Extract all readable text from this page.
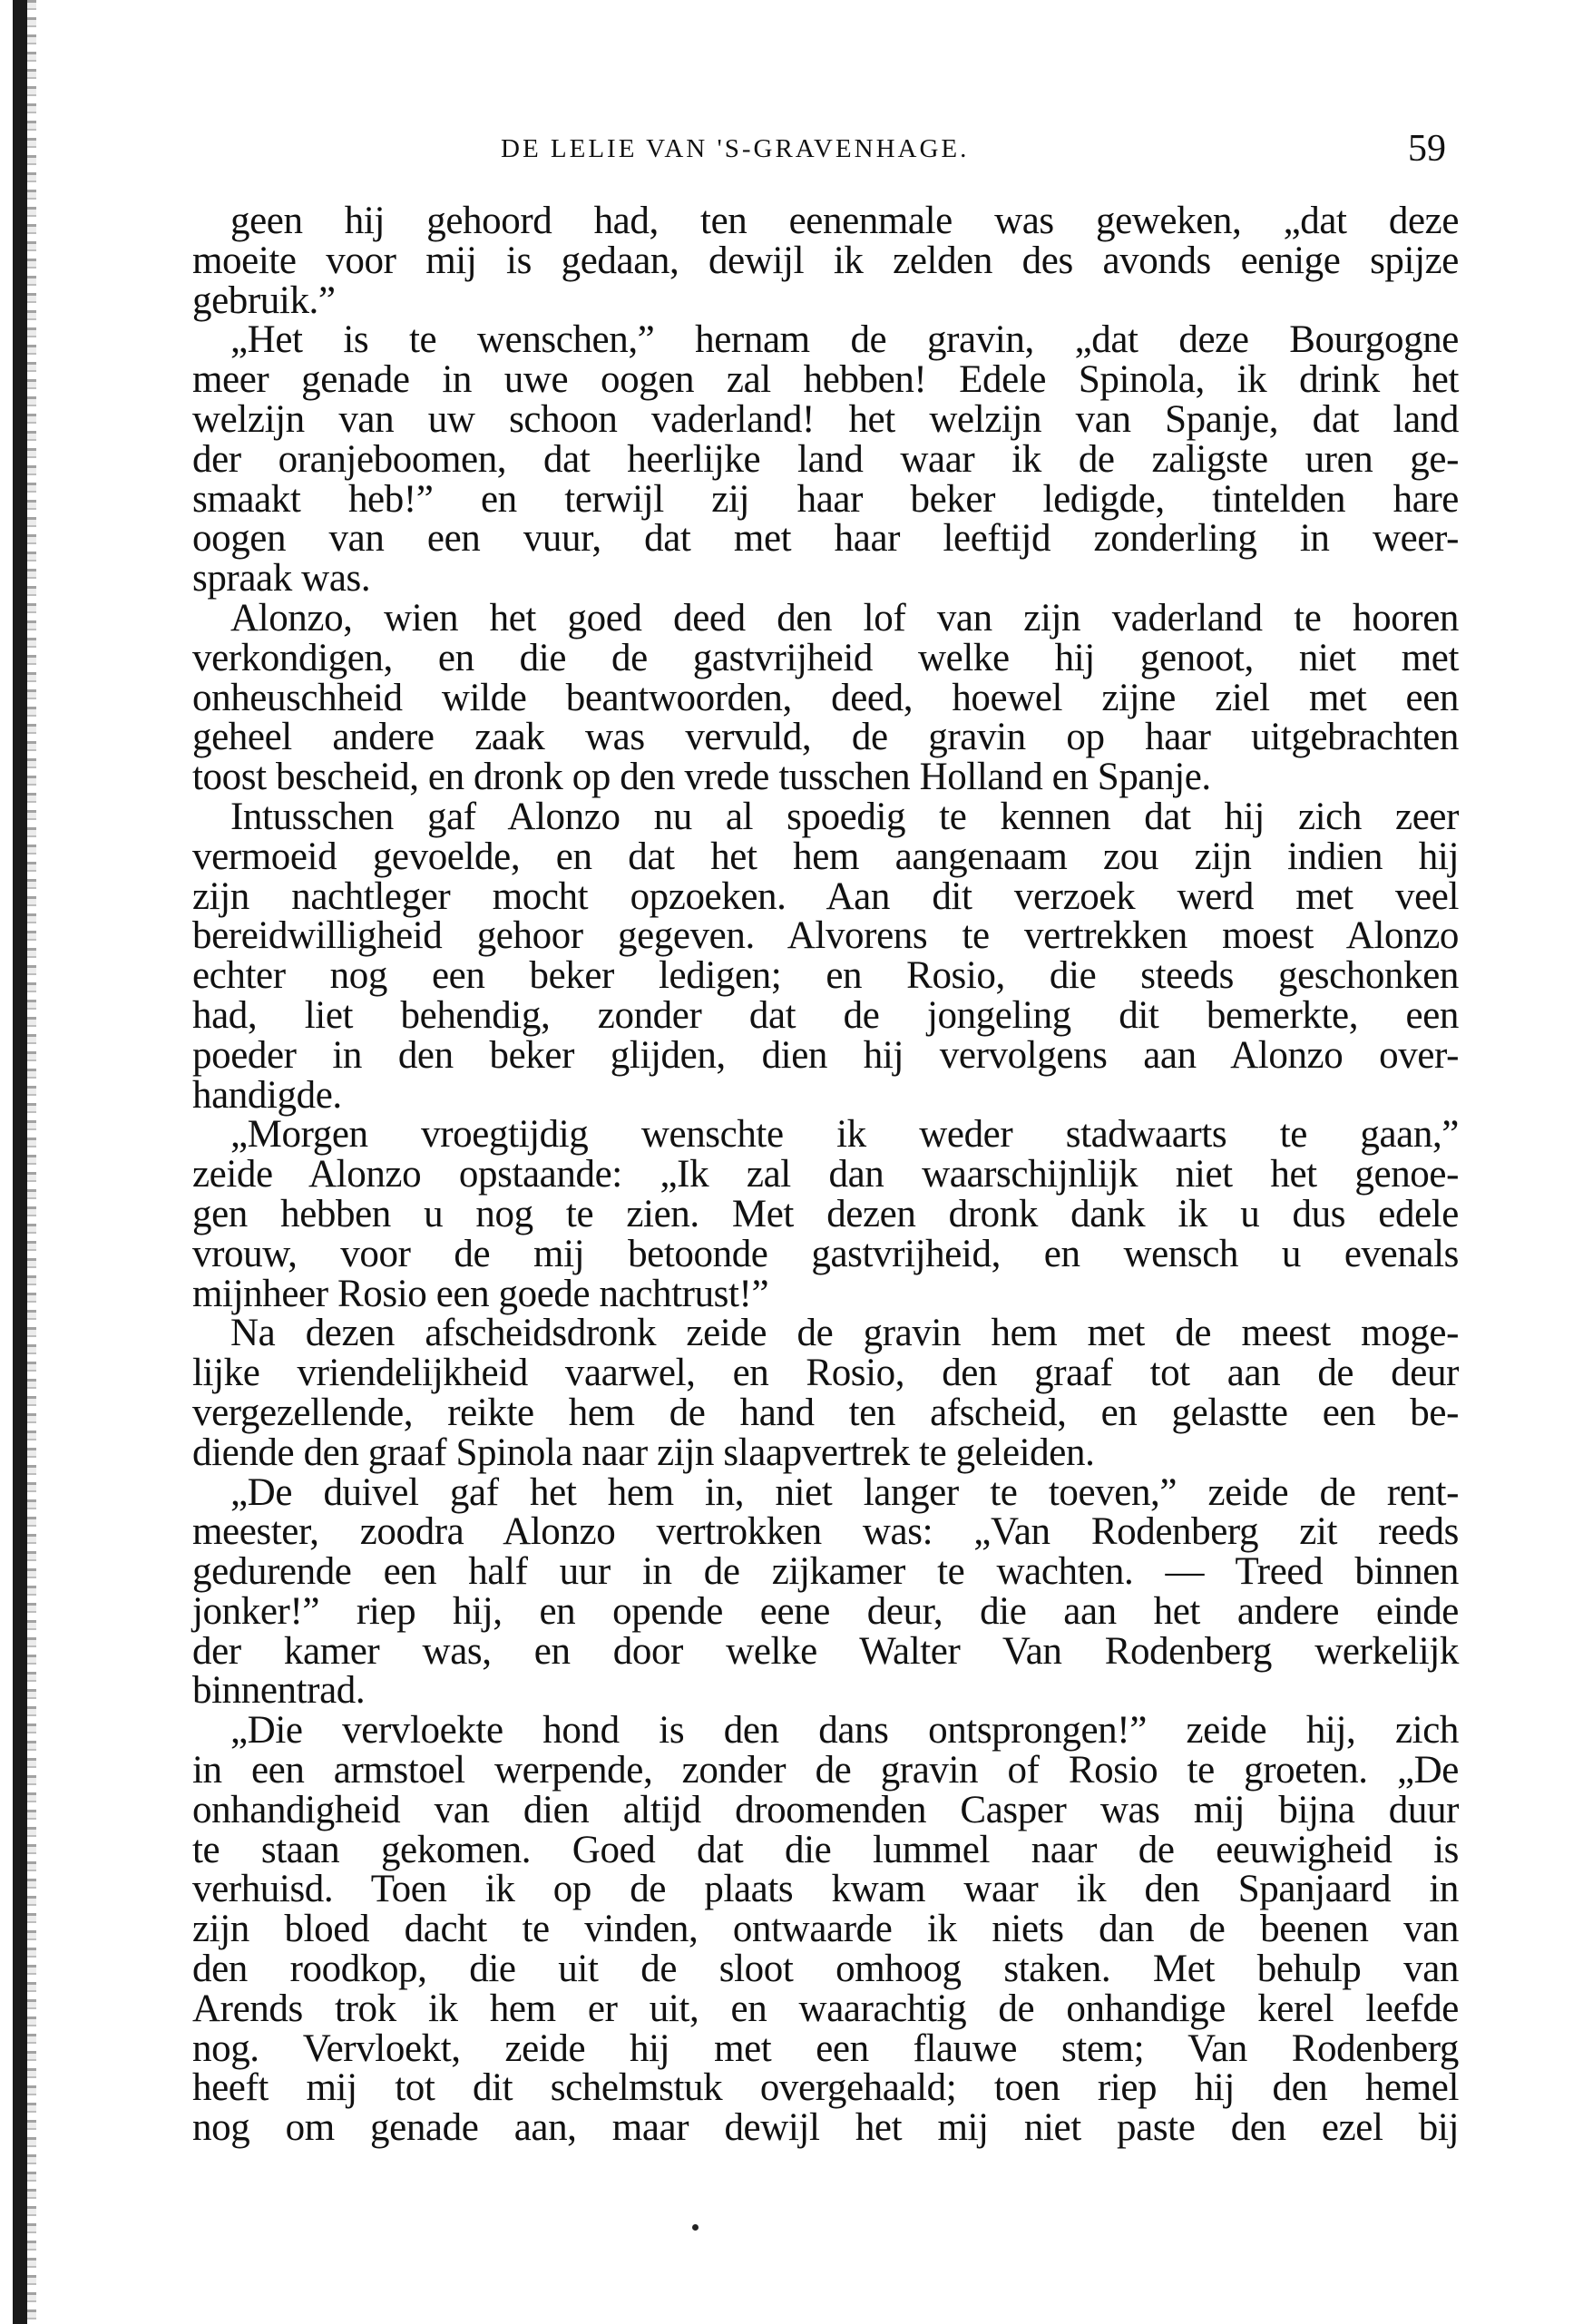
DE LELIE VAN 'S-GRAVENHAGE.	59
geen hij gehoord had, ten eenenmale was geweken, „dat deze
moeite voor mij is gedaan, dewijl ik zelden des avonds eenige spijze
gebruik.”
„Het is te wenschen,” hernam de gravin, „dat deze Bourgogne
meer genade in uwe oogen zal hebben! Edele Spinola, ik drink het
welzijn van uw schoon vaderland! het welzijn van Spanje, dat land
der oranjeboomen, dat heerlijke land waar ik de zaligste uren ge-
smaakt heb!” en terwijl zij haar beker ledigde, tintelden hare
oogen van een vuur, dat met haar leeftijd zonderling in weer-
spraak was.
Alonzo, wien het goed deed den lof van zijn vaderland te hooren
verkondigen, en die de gastvrijheid welke hij genoot, niet met
onheuschheid wilde beantwoorden, deed, hoewel zijne ziel met een
geheel andere zaak was vervuld, de gravin op haar uitgebrachten
toost bescheid, en dronk op den vrede tusschen Holland en Spanje.
Intusschen gaf Alonzo nu al spoedig te kennen dat hij zich zeer
vermoeid gevoelde, en dat het hem aangenaam zou zijn indien hij
zijn nachtleger mocht opzoeken. Aan dit verzoek werd met veel
bereidwilligheid gehoor gegeven. Alvorens te vertrekken moest Alonzo
echter nog een beker ledigen; en Rosio, die steeds geschonken
had, liet behendig, zonder dat de jongeling dit bemerkte, een
poeder in den beker glijden, dien hij vervolgens aan Alonzo over-
handigde.
„Morgen vroegtijdig wenschte ik weder stadwaarts te gaan,”
zeide Alonzo opstaande: „Ik zal dan waarschijnlijk niet het genoe-
gen hebben u nog te zien. Met dezen dronk dank ik u dus edele
vrouw, voor de mij betoonde gastvrijheid, en wensch u evenals
mijnheer Rosio een goede nachtrust!”
Na dezen afscheidsdronk zeide de gravin hem met de meest moge-
lijke vriendelijkheid vaarwel, en Rosio, den graaf tot aan de deur
vergezellende, reikte hem de hand ten afscheid, en gelastte een be-
diende den graaf Spinola naar zijn slaapvertrek te geleiden.
„De duivel gaf het hem in, niet langer te toeven,” zeide de rent-
meester, zoodra Alonzo vertrokken was: „Van Rodenberg zit reeds
gedurende een half uur in de zijkamer te wachten. — Treed binnen
jonker!” riep hij, en opende eene deur, die aan het andere einde
der kamer was, en door welke Walter Van Rodenberg werkelijk
binnentrad.
„Die vervloekte hond is den dans ontsprongen!” zeide hij, zich
in een armstoel werpende, zonder de gravin of Rosio te groeten. „De
onhandigheid van dien altijd droomenden Casper was mij bijna duur
te staan gekomen. Goed dat die lummel naar de eeuwigheid is
verhuisd. Toen ik op de plaats kwam waar ik den Spanjaard in
zijn bloed dacht te vinden, ontwaarde ik niets dan de beenen van
den roodkop, die uit de sloot omhoog staken. Met behulp van
Arends trok ik hem er uit, en waarachtig de onhandige kerel leefde
nog. Vervloekt, zeide hij met een flauwe stem; Van Rodenberg
heeft mij tot dit schelmstuk overgehaald; toen riep hij den hemel
nog om genade aan, maar dewijl het mij niet paste den ezel bij
